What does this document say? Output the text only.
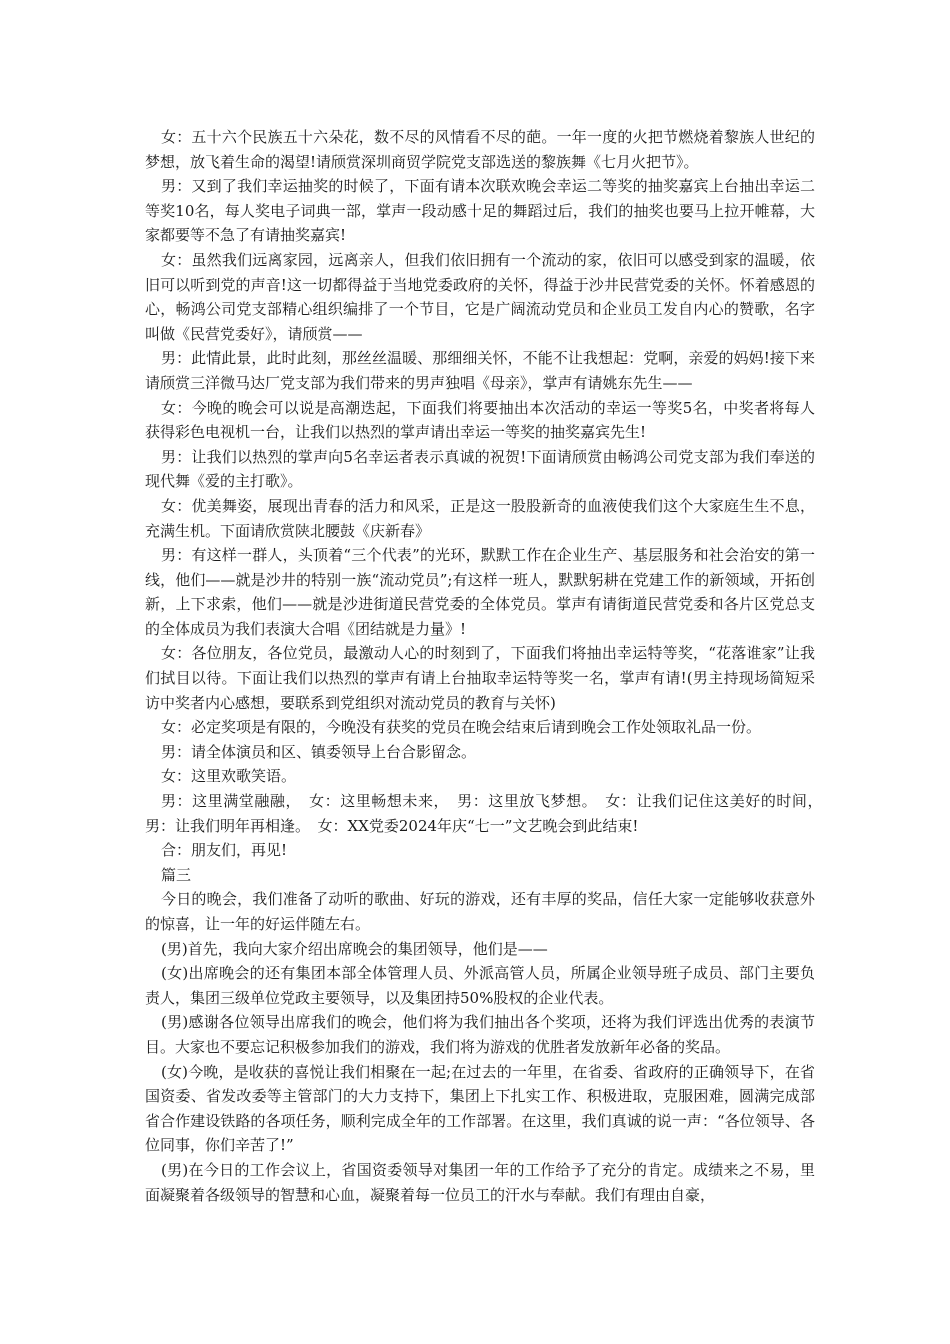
女：五十六个民族五十六朵花，数不尽的风情看不尽的葩。一年一度的火把节燃烧着黎族人世纪的梦想，放飞着生命的渴望!请颀赏深圳商贸学院党支部选送的黎族舞《七月火把节》。

男：又到了我们幸运抽奖的时候了，下面有请本次联欢晚会幸运二等奖的抽奖嘉宾上台抽出幸运二等奖10名，每人奖电子词典一部，掌声一段动感十足的舞蹈过后，我们的抽奖也要马上拉开帷幕，大家都要等不急了有请抽奖嘉宾!

女：虽然我们远离家园，远离亲人，但我们依旧拥有一个流动的家，依旧可以感受到家的温暖，依旧可以听到党的声音!这一切都得益于当地党委政府的关怀，得益于沙井民营党委的关怀。怀着感恩的心，畅鸿公司党支部精心组织编排了一个节目，它是广阔流动党员和企业员工发自内心的赞歌，名字叫做《民营党委好》，请颀赏——

男：此情此景，此时此刻，那丝丝温暖、那细细关怀，不能不让我想起：党啊，亲爱的妈妈!接下来请颀赏三洋微马达厂党支部为我们带来的男声独唱《母亲》，掌声有请姚东先生——

女：今晚的晚会可以说是高潮迭起，下面我们将要抽出本次活动的幸运一等奖5名，中奖者将每人获得彩色电视机一台，让我们以热烈的掌声请出幸运一等奖的抽奖嘉宾先生!

男：让我们以热烈的掌声向5名幸运者表示真诚的祝贺!下面请颀赏由畅鸿公司党支部为我们奉送的现代舞《爱的主打歌》。

女：优美舞姿，展现出青春的活力和风采，正是这一股股新奇的血液使我们这个大家庭生生不息，充满生机。下面请欣赏陕北腰鼓《庆新春》

男：有这样一群人，头顶着“三个代表”的光环，默默工作在企业生产、基层服务和社会治安的第一线，他们——就是沙井的特别一族“流动党员”;有这样一班人，默默躬耕在党建工作的新领域，开拓创新，上下求索，他们——就是沙进街道民营党委的全体党员。掌声有请街道民营党委和各片区党总支的全体成员为我们表演大合唱《团结就是力量》!

女：各位朋友，各位党员，最激动人心的时刻到了，下面我们将抽出幸运特等奖，“花落谁家”让我们拭目以待。下面让我们以热烈的掌声有请上台抽取幸运特等奖一名，掌声有请!(男主持现场简短采访中奖者内心感想，要联系到党组织对流动党员的教育与关怀)

女：必定奖项是有限的，今晚没有获奖的党员在晚会结束后请到晚会工作处领取礼品一份。

男：请全体演员和区、镇委领导上台合影留念。

女：这里欢歌笑语。

男：这里满堂融融，　女：这里畅想未来，　男：这里放飞梦想。　女：让我们记住这美好的时间，　男：让我们明年再相逢。　女：XX党委2024年庆“七一”文艺晚会到此结束!

合：朋友们，再见!

篇三

今日的晚会，我们准备了动听的歌曲、好玩的游戏，还有丰厚的奖品，信任大家一定能够收获意外的惊喜，让一年的好运伴随左右。

(男)首先，我向大家介绍出席晚会的集团领导，他们是——

(女)出席晚会的还有集团本部全体管理人员、外派高管人员，所属企业领导班子成员、部门主要负责人，集团三级单位党政主要领导，以及集团持50%股权的企业代表。

(男)感谢各位领导出席我们的晚会，他们将为我们抽出各个奖项，还将为我们评选出优秀的表演节目。大家也不要忘记积极参加我们的游戏，我们将为游戏的优胜者发放新年必备的奖品。

(女)今晚，是收获的喜悦让我们相聚在一起;在过去的一年里，在省委、省政府的正确领导下，在省国资委、省发改委等主管部门的大力支持下，集团上下扎实工作、积极进取，克服困难，圆满完成部省合作建设铁路的各项任务，顺利完成全年的工作部署。在这里，我们真诚的说一声：“各位领导、各位同事，你们辛苦了!”

(男)在今日的工作会议上，省国资委领导对集团一年的工作给予了充分的肯定。成绩来之不易，里面凝聚着各级领导的智慧和心血，凝聚着每一位员工的汗水与奉献。我们有理由自豪，
